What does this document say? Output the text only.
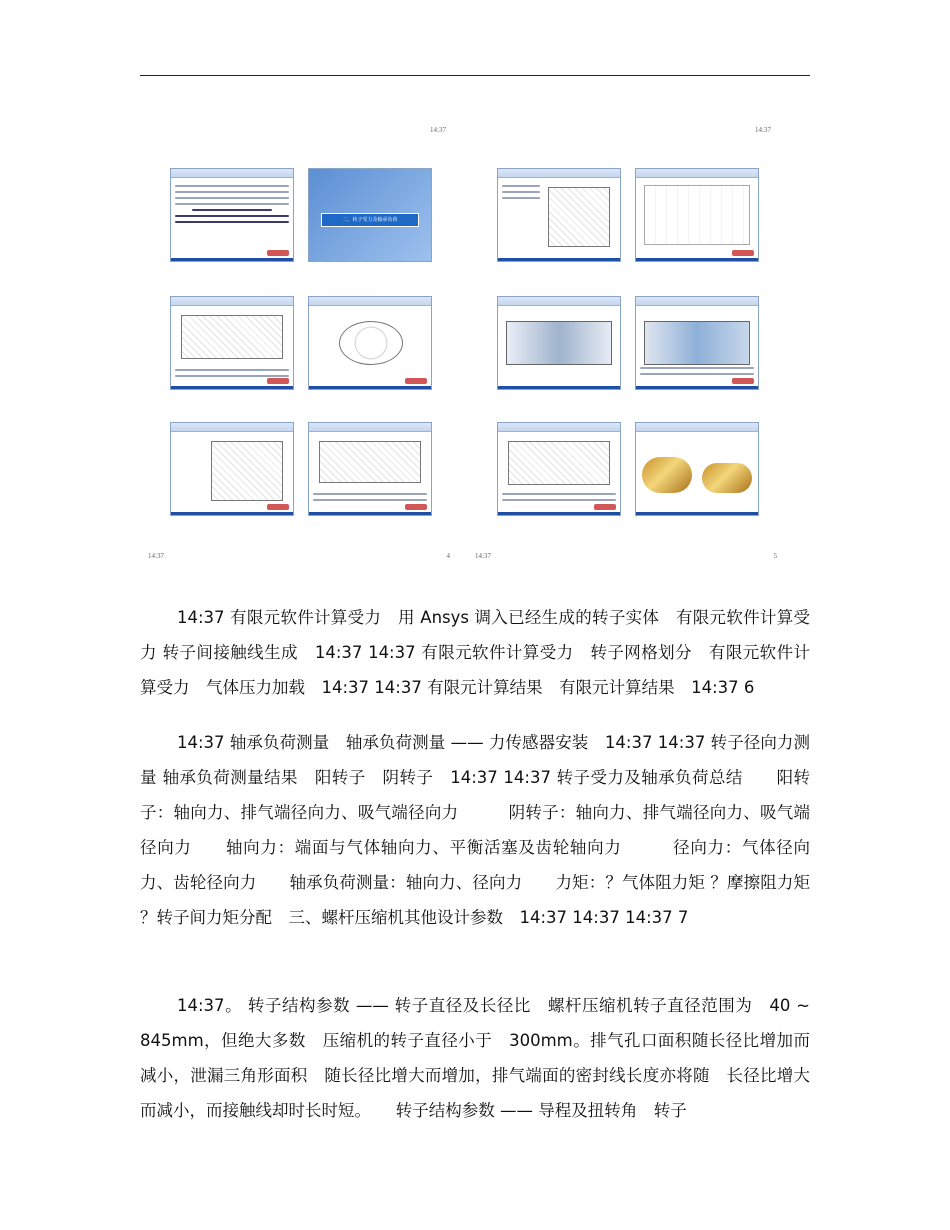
14:37
二、转子受力及轴承负荷
14:37	4
14:37
14:37	5

14:37 有限元软件计算受力　用 Ansys 调入已经生成的转子实体　有限元软件计算受力 转子间接触线生成　14:37 14:37 有限元软件计算受力　转子网格划分　有限元软件计算受力　气体压力加载　14:37 14:37 有限元计算结果　有限元计算结果　14:37 6

14:37 轴承负荷测量　轴承负荷测量 —— 力传感器安装　14:37 14:37 转子径向力测量 轴承负荷测量结果　阳转子　阴转子　14:37 14:37 转子受力及轴承负荷总结　　阳转子：轴向力、排气端径向力、吸气端径向力　　　阴转子：轴向力、排气端径向力、吸气端径向力　　轴向力：端面与气体轴向力、平衡活塞及齿轮轴向力　　　径向力：气体径向力、齿轮径向力　　轴承负荷测量：轴向力、径向力　　力矩：？气体阻力矩 ？摩擦阻力矩 ？转子间力矩分配　三、螺杆压缩机其他设计参数　14:37 14:37 14:37 7

14:37。 转子结构参数 —— 转子直径及长径比　螺杆压缩机转子直径范围为　40 ~ 845mm，但绝大多数　压缩机的转子直径小于　300mm。排气孔口面积随长径比增加而减小，泄漏三角形面积　随长径比增大而增加，排气端面的密封线长度亦将随　长径比增大而减小，而接触线却时长时短。　　转子结构参数 —— 导程及扭转角　转子
